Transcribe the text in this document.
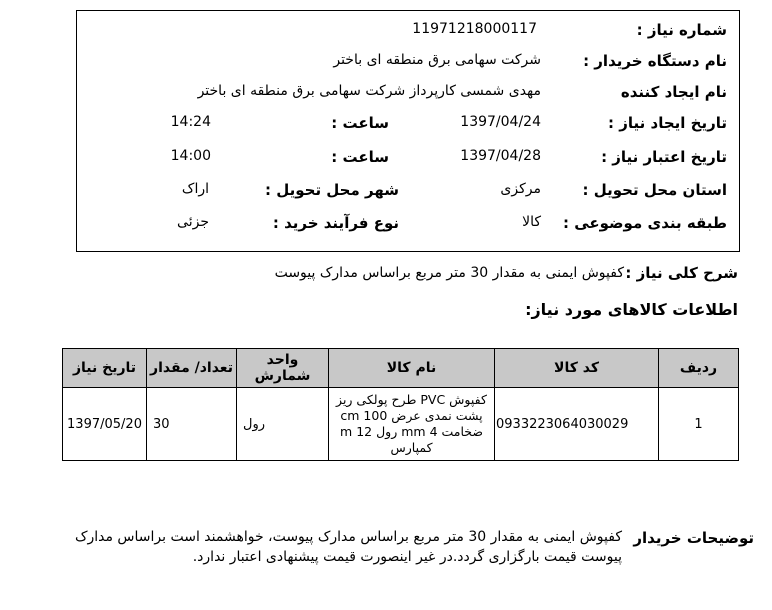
شماره نیاز :
11971218000117
نام دستگاه خریدار :
شرکت سهامی برق منطقه ای باختر
نام ایجاد کننده
مهدی شمسی کارپرداز شرکت سهامی برق منطقه ای باختر
تاریخ ایجاد نیاز :
1397/04/24
ساعت :
14:24
تاریخ اعتبار نیاز :
1397/04/28
ساعت :
14:00
استان محل تحویل :
مرکزی
شهر محل تحویل :
اراک
طبقه بندی موضوعی :
کالا
نوع فرآیند خرید :
جزئی
شرح کلی نیاز :
کفپوش ایمنی به مقدار 30 متر مربع براساس مدارک پیوست
اطلاعات کالاهای مورد نیاز:
ردیف	کد کالا	نام کالا	واحد شمارش	تعداد/ مقدار	تاریخ نیاز
1	0933223064030029	کفپوش PVC طرح پولکی ریز پشت نمدی عرض 100 cm ضخامت 4 mm رول 12 m کمپارس	رول	30	1397/05/20
توضیحات خریدار
کفپوش ایمنی به مقدار 30 متر مربع براساس مدارک پیوست، خواهشمند است براساس مدارک پیوست قیمت بارگزاری گردد.در غیر اینصورت قیمت پیشنهادی اعتبار ندارد.
